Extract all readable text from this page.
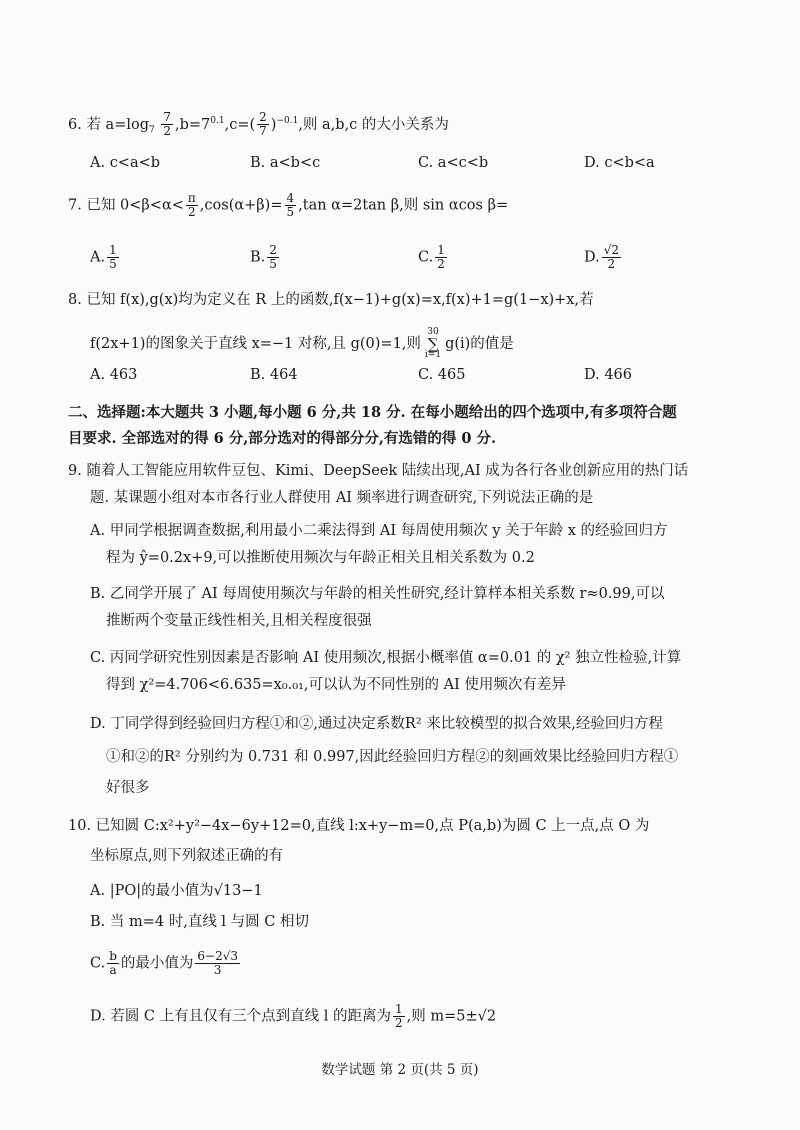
6. 若 $a=\log_7 \frac{7}{2} ,b=7^{0.1},c=( \frac{2}{7} )^{-0.1}$,则 a,b,c 的大小关系为
A. c<a<b	B. a<b<c	C. a<c<b	D. c<b<a
7. 已知 $0<\beta<\alpha< \frac{\pi}{2} ,\cos(\alpha+\beta)= \frac{4}{5} ,\tan$ α=2tan β,则 sin αcos β=
A. $\frac{1}{5}$	B. $\frac{2}{5}$	C. $\frac{1}{2}$	D. $\frac{√2}{2}$
8. 已知 f(x),g(x)均为定义在 R 上的函数,f(x−1)+g(x)=x,f(x)+1=g(1−x)+x,若
f(2x+1)的图象关于直线 x=−1 对称,且 g(0)=1,则
30
∑
i=1
g(i)的值是
A. 463	B. 464	C. 465	D. 466
二、选择题:本大题共 3 小题,每小题 6 分,共 18 分. 在每小题给出的四个选项中,有多项符合题
目要求. 全部选对的得 6 分,部分选对的得部分分,有选错的得 0 分.
9. 随着人工智能应用软件豆包、Kimi、DeepSeek 陆续出现,AI 成为各行各业创新应用的热门话
题. 某课题小组对本市各行业人群使用 AI 频率进行调查研究,下列说法正确的是
A. 甲同学根据调查数据,利用最小二乘法得到 AI 每周使用频次 y 关于年龄 x 的经验回归方
程为 ŷ=0.2x+9,可以推断使用频次与年龄正相关且相关系数为 0.2
B. 乙同学开展了 AI 每周使用频次与年龄的相关性研究,经计算样本相关系数 r≈0.99,可以
推断两个变量正线性相关,且相关程度很强
C. 丙同学研究性别因素是否影响 AI 使用频次,根据小概率值 α=0.01 的 χ² 独立性检验,计算
得到 χ²=4.706<6.635=x₀.₀₁,可以认为不同性别的 AI 使用频次有差异
D. 丁同学得到经验回归方程①和②,通过决定系数R² 来比较模型的拟合效果,经验回归方程
①和②的R² 分别约为 0.731 和 0.997,因此经验回归方程②的刻画效果比经验回归方程①
好很多
10. 已知圆 C:x²+y²−4x−6y+12=0,直线 l:x+y−m=0,点 P(a,b)为圆 C 上一点,点 O 为
坐标原点,则下列叙述正确的有
A. |PO|的最小值为√13−1
B. 当 m=4 时,直线 l 与圆 C 相切
C. $\frac{b}{a}$ 的最小值为 $\frac{6-2√3}{3}$
D. 若圆 C 上有且仅有三个点到直线 l 的距离为 $\frac{1}{2}$ ,则 m=5±√2
数学试题 第 2 页(共 5 页)
